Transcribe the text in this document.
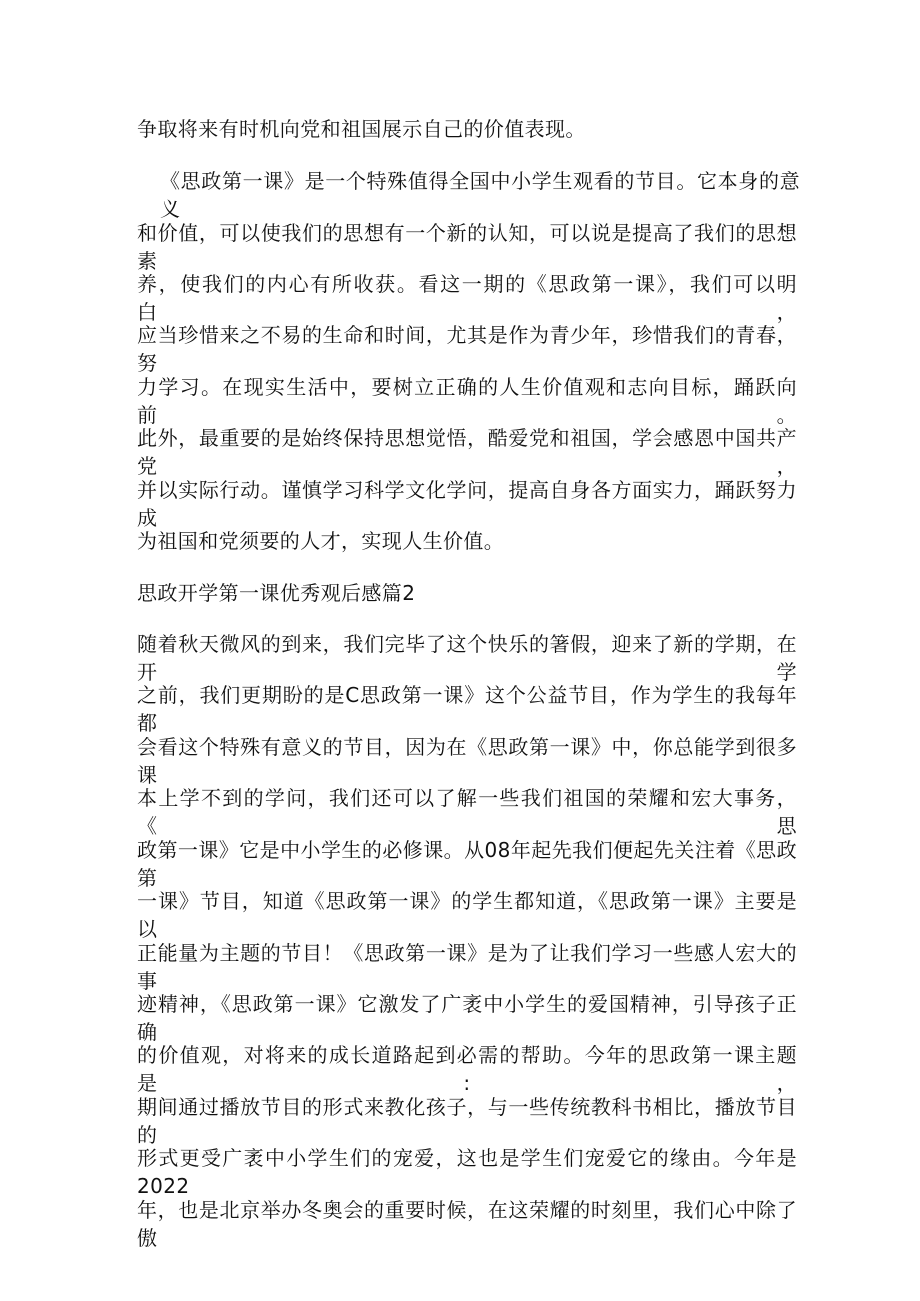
争取将来有时机向党和祖国展示自己的价值表现。
《思政第一课》是一个特殊值得全国中小学生观看的节目。它本身的意义
和价值，可以使我们的思想有一个新的认知，可以说是提高了我们的思想素
养，使我们的内心有所收获。看这一期的《思政第一课》，我们可以明白，
应当珍惜来之不易的生命和时间，尤其是作为青少年，珍惜我们的青春，努
力学习。在现实生活中，要树立正确的人生价值观和志向目标，踊跃向前。
此外，最重要的是始终保持思想觉悟，酷爱党和祖国，学会感恩中国共产党，
并以实际行动。谨慎学习科学文化学问，提高自身各方面实力，踊跃努力成
为祖国和党须要的人才，实现人生价值。
思政开学第一课优秀观后感篇2
随着秋天微风的到来，我们完毕了这个快乐的箸假，迎来了新的学期，在开学
之前，我们更期盼的是C思政第一课》这个公益节目，作为学生的我每年都
会看这个特殊有意义的节目，因为在《思政第一课》中，你总能学到很多课
本上学不到的学问，我们还可以了解一些我们祖国的荣耀和宏大事务，《思
政第一课》它是中小学生的必修课。从08年起先我们便起先关注着《思政第
一课》节目，知道《思政第一课》的学生都知道，《思政第一课》主要是以
正能量为主题的节目！《思政第一课》是为了让我们学习一些感人宏大的事
迹精神，《思政第一课》它激发了广袤中小学生的爱国精神，引导孩子正确
的价值观，对将来的成长道路起到必需的帮助。今年的思政第一课主题是:，
期间通过播放节目的形式来教化孩子，与一些传统教科书相比，播放节目的
形式更受广袤中小学生们的宠爱，这也是学生们宠爱它的缘由。今年是2022
年，也是北京举办冬奥会的重要时候，在这荣耀的时刻里，我们心中除了傲
